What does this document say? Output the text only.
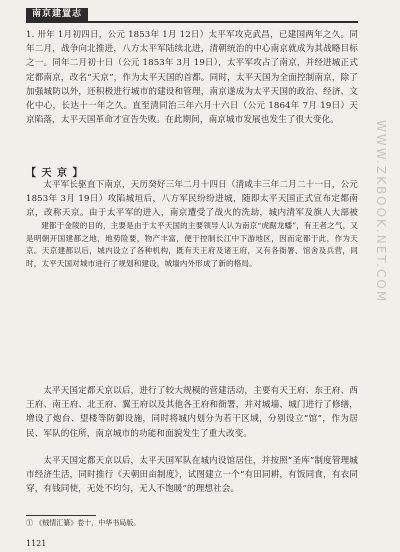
南京建置志

1. 卅年 1月初四日，公元 1853年 1月 12日）太平军攻克武昌，已建国两年之久。同年二月，战争向北推进，八方太平军陆续北进，清朝统治的中心南京就成为其战略目标之一。同年二月初十日（公元 1853年 3月 19日），太平军攻占了南京，并经进城正式定都南京，改名“天京”，作为太平天国的首都。同时，太平天国为全面控制南京，除了加强城防以外，还积极进行城市的建设和管理，南京遂成为太平天国的政治、经济、文化中心，长达十一年之久。直至清同治三年六月十六日（公元 1864年 7月 19日）天京陷落，太平天国革命才宣告失败。在此期间，南京城市发展也发生了很大变化。

【 天 京 】

太平军长驱直下南京，天历癸好三年二月十四日（清咸丰三年二月二十一日，公元 1853年 3月 19日）攻陷城垣后，八方军民纷纷进城，随即太平天国正式宣布定都南京，改称天京。由于太平军的进入，南京遭受了战火的洗劫，城内清军及旗人大部被

建都于金陵的目的，主要是由于太平天国的主要领导人认为南京“虎踞龙蟠”，有王者之气，又是明朝开国建都之地，地势险要，物产丰富，便于控制长江中下游地区，因而定都于此，作为天京。天京建都以后，城内设立了各种机构，既有天王府及诸王府，又有各衙署、馆舍及兵营，同时，太平天国对城市进行了规划和建设，城墙内外形成了新的格局。

太平天国定都天京以后，进行了较大规模的营建活动，主要有天王府、东王府、西王府、南王府、北王府、翼王府以及其他各王府和衙署，并对城墙、城门进行了修缮，增设了炮台、望楼等防御设施，同时将城内划分为若干区域，分别设立“馆”，作为居民、军队的住所，南京城市的功能和面貌发生了重大改变。

太平天国定都天京以后，太平天国军队在城内设馆居住，并按照“圣库”制度管理城市经济生活，同时推行《天朝田亩制度》，试图建立一个“有田同耕，有饭同食，有衣同穿，有钱同使，无处不均匀，无人不饱暖”的理想社会。

① 《贼情汇纂》卷十，中华书局版。
1121
WWW.ZKBOOK.NET.COM
